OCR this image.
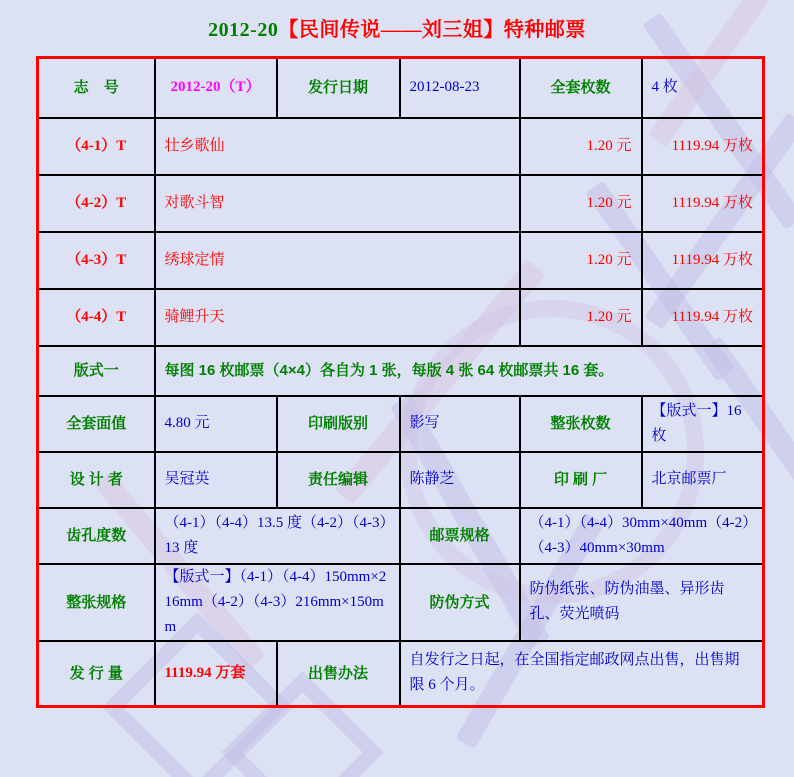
2012-20【民间传说——刘三姐】特种邮票
志　号	2012-20（T）	发行日期	2012-08-23	全套枚数	4 枚
（4-1）T	壮乡歌仙			1.20 元	1119.94 万枚
（4-2）T	对歌斗智			1.20 元	1119.94 万枚
（4-3）T	绣球定情			1.20 元	1119.94 万枚
（4-4）T	骑鲤升天			1.20 元	1119.94 万枚
版式一	每图 16 枚邮票（4×4）各自为 1 张，每版 4 张 64 枚邮票共 16 套。				
全套面值	4.80 元	印刷版别	影写	整张枚数	【版式一】16 枚
设 计 者	吴冠英	责任编辑	陈静芝	印 刷 厂	北京邮票厂
齿孔度数	（4-1）（4-4）13.5 度（4-2）（4-3）13 度		邮票规格	（4-1）（4-4）30mm×40mm（4-2）（4-3）40mm×30mm	
整张规格	【版式一】（4-1）（4-4）150mm×216mm（4-2）（4-3）216mm×150mm		防伪方式	防伪纸张、防伪油墨、异形齿孔、荧光喷码	
发 行 量	1119.94 万套	出售办法	自发行之日起，在全国指定邮政网点出售，出售期限 6 个月。		
